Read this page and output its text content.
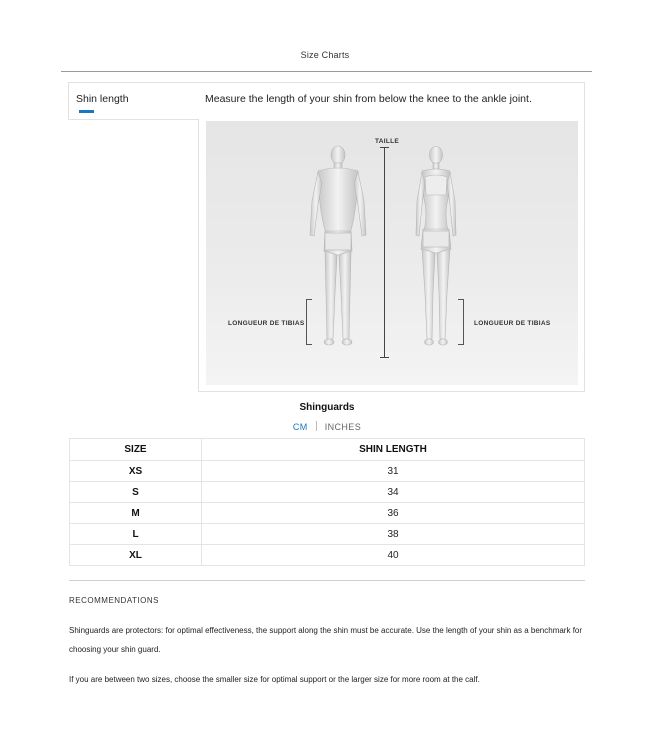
Size Charts
Shin length	Measure the length of your shin from below the knee to the ankle joint.
TAILLE
LONGUEUR DE TIBIAS	LONGUEUR DE TIBIAS
Shinguards
CM INCHES
SIZE	SHIN LENGTH
XS	31
S	34
M	36
L	38
XL	40
RECOMMENDATIONS

Shinguards are protectors: for optimal effectiveness, the support along the shin must be accurate. Use the length of your shin as a benchmark for choosing your shin guard.

If you are between two sizes, choose the smaller size for optimal support or the larger size for more room at the calf.
